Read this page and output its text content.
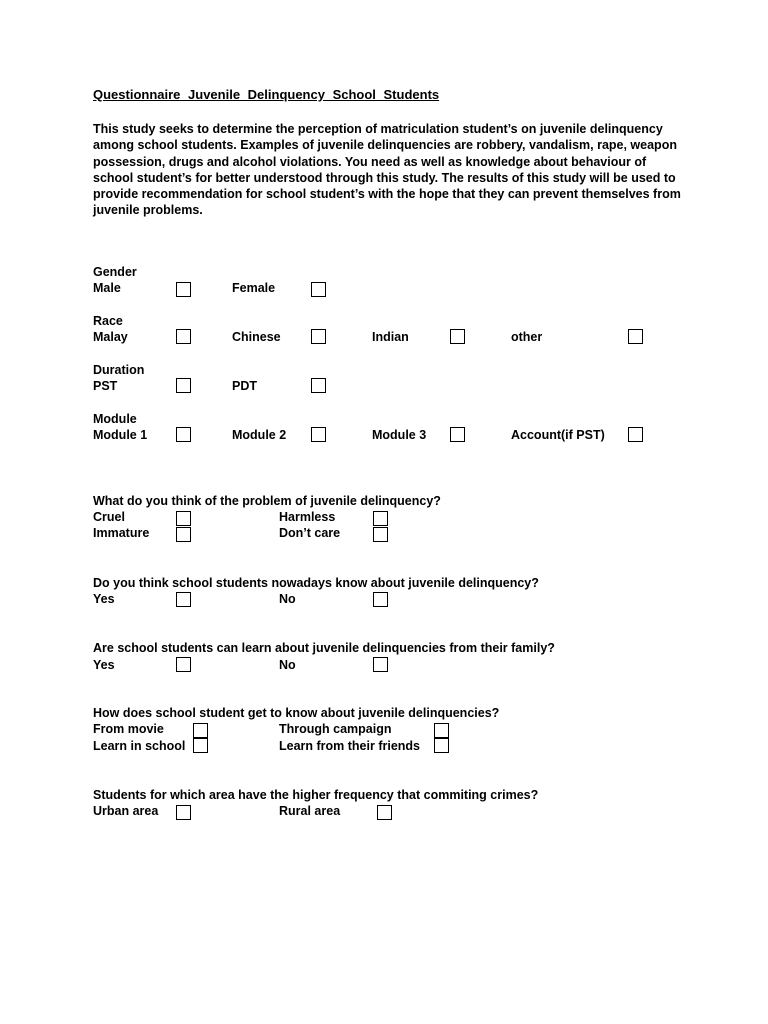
Questionnaire Juvenile Delinquency School Students

This study seeks to determine the perception of matriculation student’s on juvenile delinquency among school students. Examples of juvenile delinquencies are robbery, vandalism, rape, weapon possession, drugs and alcohol violations. You need as well as knowledge about behaviour of school student’s for better understood through this study. The results of this study will be used to provide recommendation for school student’s with the hope that they can prevent themselves from juvenile problems.

Gender
Male	Female
Race
Malay	Chinese	Indian	other
Duration
PST	PDT
Module
Module 1	Module 2	Module 3	Account(if PST)
What do you think of the problem of juvenile delinquency?
Cruel	Harmless
Immature	Don’t care
Do you think school students nowadays know about juvenile delinquency?
Yes	No
Are school students can learn about juvenile delinquencies from their family?
Yes	No
How does school student get to know about juvenile delinquencies?
From movie	Through campaign
Learn in school	Learn from their friends
Students for which area have the higher frequency that commiting crimes?
Urban area	Rural area
